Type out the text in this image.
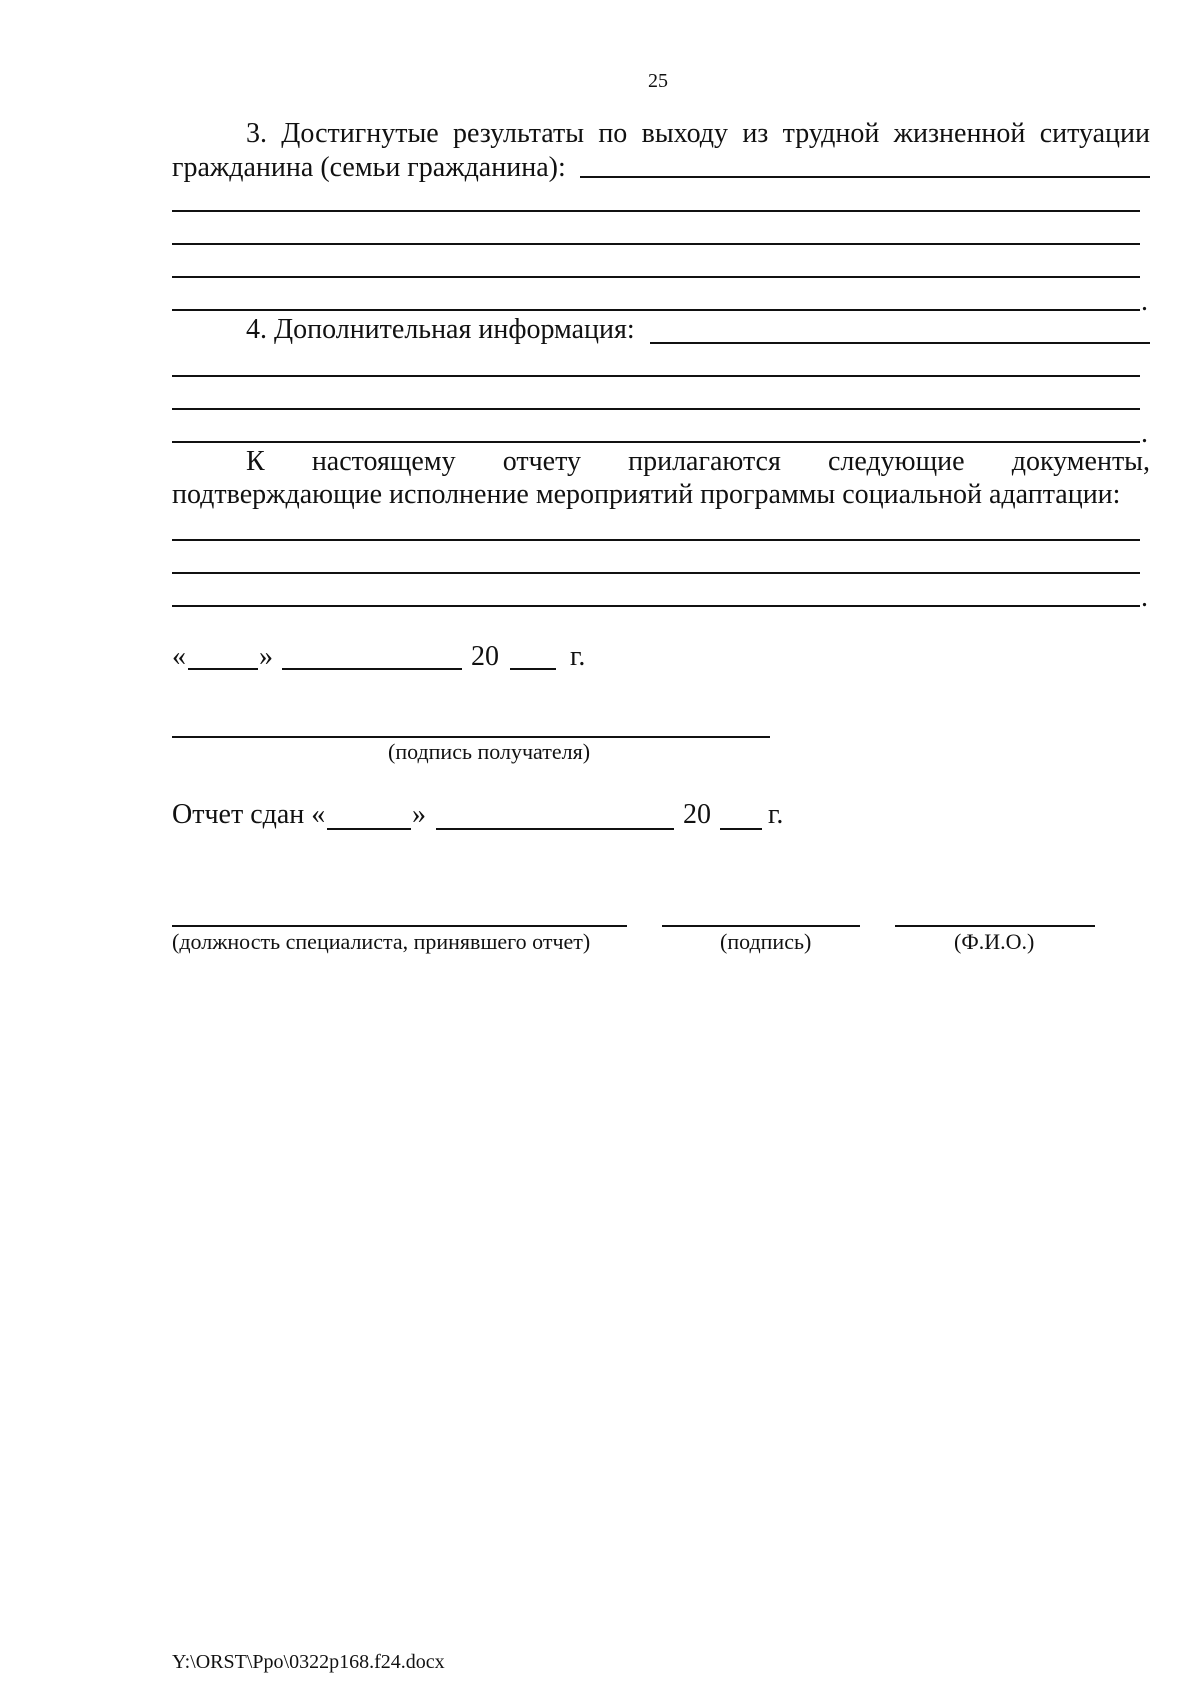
25
3. Достигнутые результаты по выходу из трудной жизненной ситуации
гражданина (семьи гражданина):
.
4. Дополнительная информация:
.
К настоящему отчету прилагаются следующие документы,
подтверждающие исполнение мероприятий программы социальной адаптации:
.
«	»	20	г.
(подпись получателя)
Отчет сдан «	»	20 г.
(должность специалиста, принявшего отчет)	(подпись)	(Ф.И.О.)
Y:\ORST\Ppo\0322p168.f24.docx
